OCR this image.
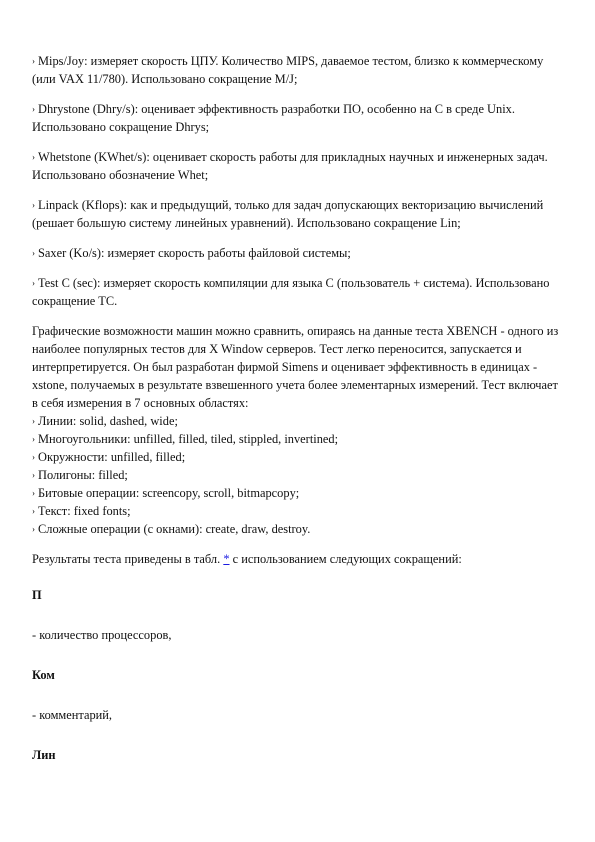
› Mips/Joy: измеряет скорость ЦПУ. Количество MIPS, даваемое тестом, близко к коммерческому (или VAX 11/780). Использовано сокращение M/J;

› Dhrystone (Dhry/s): оценивает эффективность разработки ПО, особенно на C в среде Unix. Использовано сокращение Dhrys;

› Whetstone (KWhet/s): оценивает скорость работы для прикладных научных и инженерных задач. Использовано обозначение Whet;

› Linpack (Kflops): как и предыдущий, только для задач допускающих векторизацию вычислений (решает большую систему линейных уравнений). Использовано сокращение Lin;

› Saxer (Ko/s): измеряет скорость работы файловой системы;

› Test C (sec): измеряет скорость компиляции для языка C (пользователь + система). Использовано сокращение TC.

Графические возможности машин можно сравнить, опираясь на данные теста XBENCH - одного из наиболее популярных тестов для X Window серверов. Тест легко переносится, запускается и интерпретируется. Он был разработан фирмой Simens и оценивает эффективность в единицах - xstone, получаемых в результате взвешенного учета более элементарных измерений. Тест включает в себя измерения в 7 основных областях:

› Линии: solid, dashed, wide;

› Многоугольники: unfilled, filled, tiled, stippled, invertined;

› Окружности: unfilled, filled;

› Полигоны: filled;

› Битовые операции: screencopy, scroll, bitmapcopy;

› Текст: fixed fonts;

› Сложные операции (с окнами): create, draw, destroy.

Результаты теста приведены в табл. * с использованием следующих сокращений:

П

- количество процессоров,

Ком

- комментарий,

Лин
